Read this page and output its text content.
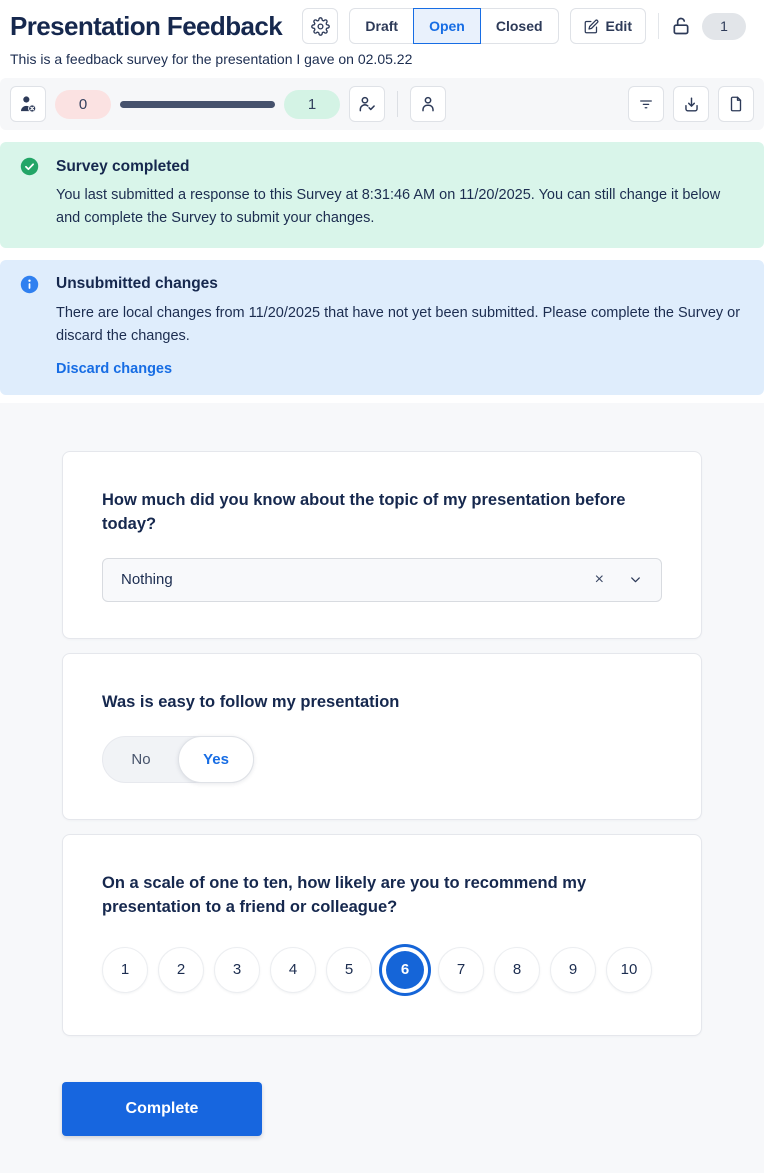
Presentation Feedback	Draft	Open	Closed	Edit	1
This is a feedback survey for the presentation I gave on 02.05.22
0	1
Survey completed
You last submitted a response to this Survey at 8:31:46 AM on 11/20/2025. You can still change it below and complete the Survey to submit your changes.
Unsubmitted changes
There are local changes from 11/20/2025 that have not yet been submitted. Please complete the Survey or discard the changes.
Discard changes
How much did you know about the topic of my presentation before today?
Nothing	×
Was is easy to follow my presentation
No	Yes
On a scale of one to ten, how likely are you to recommend my presentation to a friend or colleague?
1	2	3	4	5	6	7	8	9	10
Complete
